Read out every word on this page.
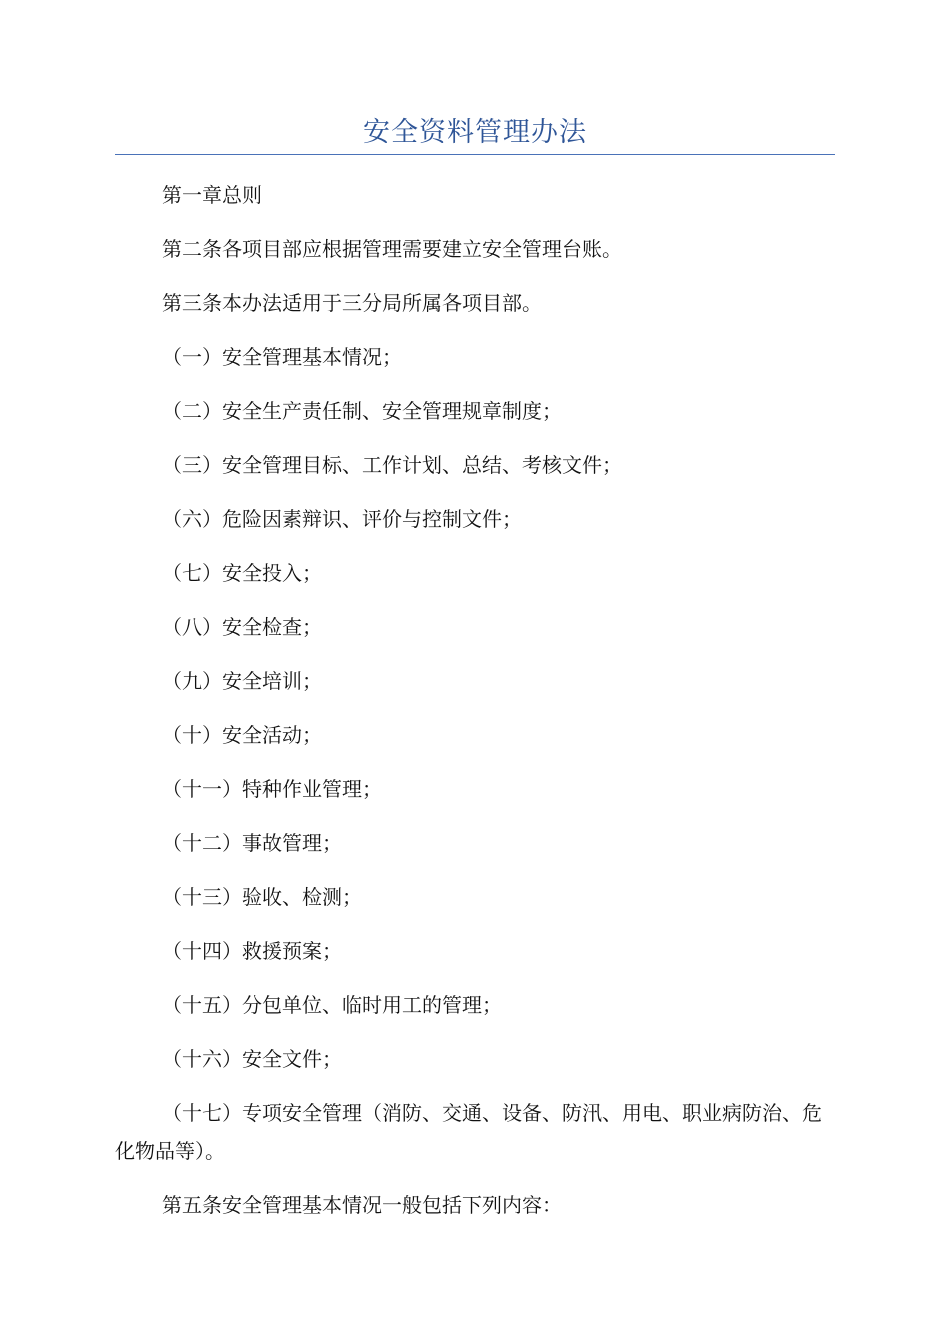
安全资料管理办法
第一章总则
第二条各项目部应根据管理需要建立安全管理台账。
第三条本办法适用于三分局所属各项目部。
（一）安全管理基本情况；
（二）安全生产责任制、安全管理规章制度；
（三）安全管理目标、工作计划、总结、考核文件；
（六）危险因素辩识、评价与控制文件；
（七）安全投入；
（八）安全检查；
（九）安全培训；
（十）安全活动；
（十一）特种作业管理；
（十二）事故管理；
（十三）验收、检测；
（十四）救援预案；
（十五）分包单位、临时用工的管理；
（十六）安全文件；
（十七）专项安全管理（消防、交通、设备、防汛、用电、职业病防治、危化物品等）。
第五条安全管理基本情况一般包括下列内容：
